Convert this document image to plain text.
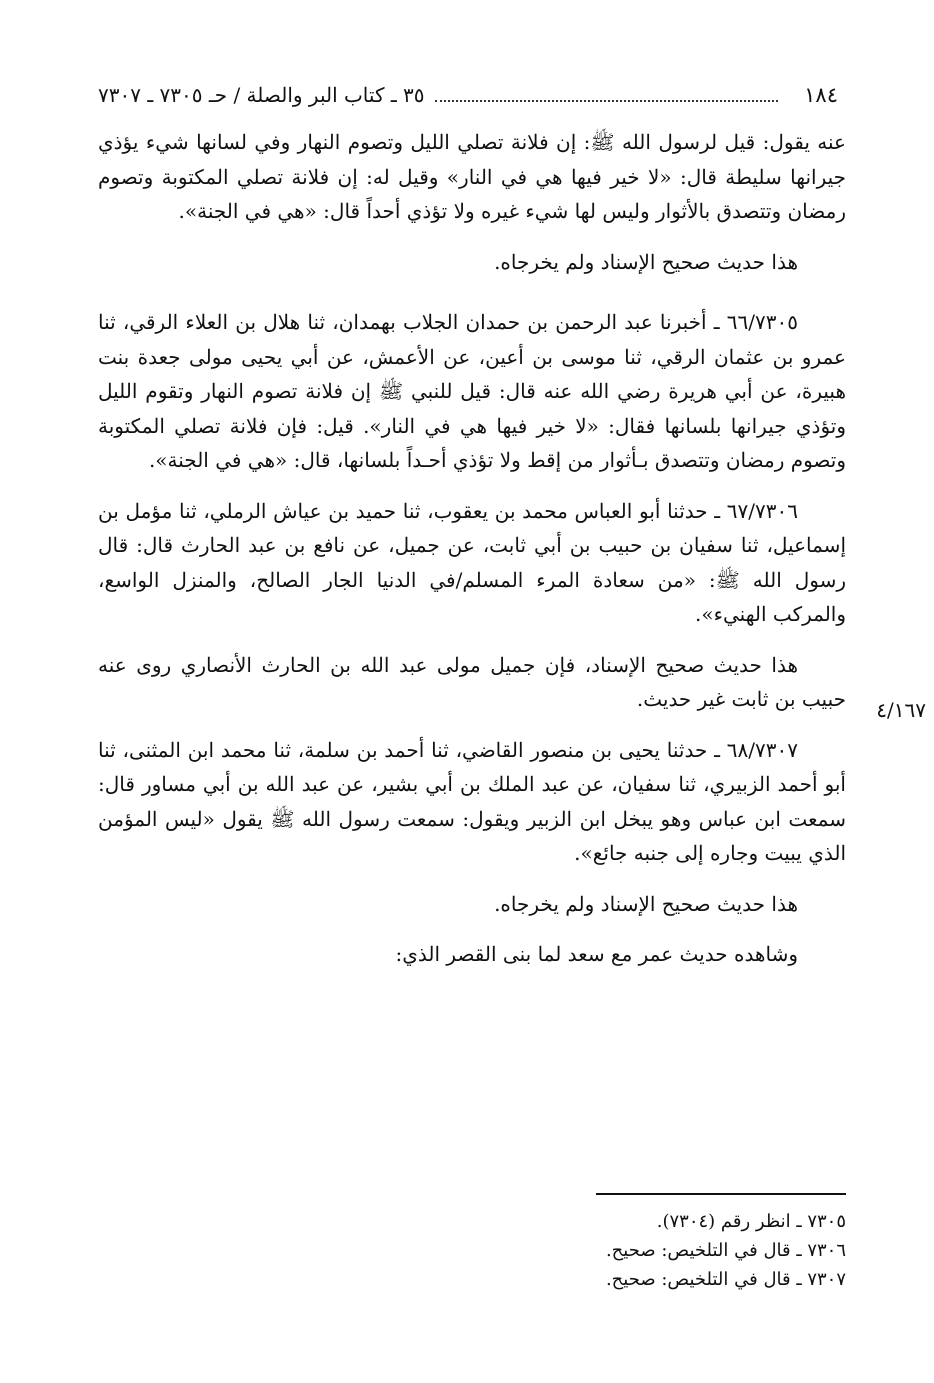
١٨٤
٣٥ ـ كتاب البر والصلة / حـ ٧٣٠٥ ـ ٧٣٠٧

عنه يقول: قيل لرسول الله ﷺ: إن فلانة تصلي الليل وتصوم النهار وفي لسانها شيء يؤذي جيرانها سليطة قال: «لا خير فيها هي في النار» وقيل له: إن فلانة تصلي المكتوبة وتصوم رمضان وتتصدق بالأثوار وليس لها شيء غيره ولا تؤذي أحداً قال: «هي في الجنة».

هذا حديث صحيح الإسناد ولم يخرجاه.

٦٦/٧٣٠٥ ـ أخبرنا عبد الرحمن بن حمدان الجلاب بهمدان، ثنا هلال بن العلاء الرقي، ثنا عمرو بن عثمان الرقي، ثنا موسى بن أعين، عن الأعمش، عن أبي يحيى مولى جعدة بنت هبيرة، عن أبي هريرة رضي الله عنه قال: قيل للنبي ﷺ إن فلانة تصوم النهار وتقوم الليل وتؤذي جيرانها بلسانها فقال: «لا خير فيها هي في النار». قيل: فإن فلانة تصلي المكتوبة وتصوم رمضان وتتصدق بـأثوار من إقط ولا تؤذي أحـداً بلسانها، قال: «هي في الجنة».

٦٧/٧٣٠٦ ـ حدثنا أبو العباس محمد بن يعقوب، ثنا حميد بن عياش الرملي، ثنا مؤمل بن إسماعيل، ثنا سفيان بن حبيب بن أبي ثابت، عن جميل، عن نافع بن عبد الحارث قال: قال رسول الله ﷺ: «من سعادة المرء المسلم/في الدنيا الجار الصالح، والمنزل الواسع، والمركب الهنيء».

هذا حديث صحيح الإسناد، فإن جميل مولى عبد الله بن الحارث الأنصاري روى عنه حبيب بن ثابت غير حديث.

٦٨/٧٣٠٧ ـ حدثنا يحيى بن منصور القاضي، ثنا أحمد بن سلمة، ثنا محمد ابن المثنى، ثنا أبو أحمد الزبيري، ثنا سفيان، عن عبد الملك بن أبي بشير، عن عبد الله بن أبي مساور قال: سمعت ابن عباس وهو يبخل ابن الزبير ويقول: سمعت رسول الله ﷺ يقول «ليس المؤمن الذي يبيت وجاره إلى جنبه جائع».

هذا حديث صحيح الإسناد ولم يخرجاه.

وشاهده حديث عمر مع سعد لما بنى القصر الذي:

٤/١٦٧

٧٣٠٥ ـ انظر رقم (٧٣٠٤).

٧٣٠٦ ـ قال في التلخيص: صحيح.

٧٣٠٧ ـ قال في التلخيص: صحيح.
